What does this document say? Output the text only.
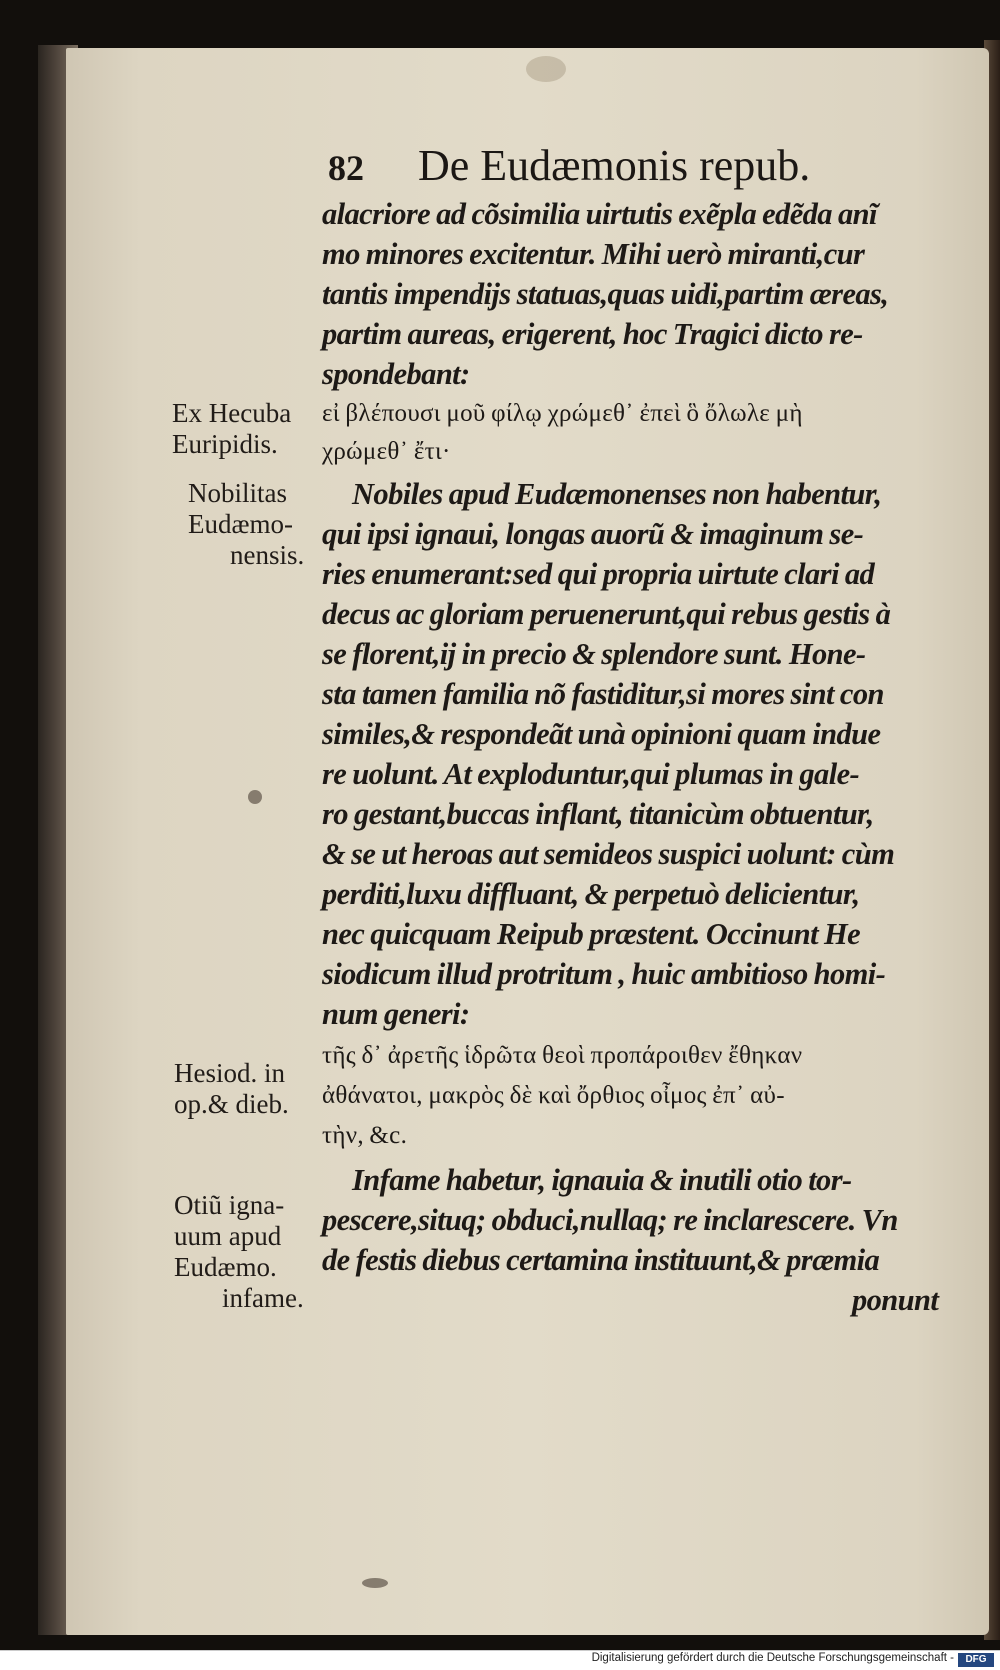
82 De Eudæmonis repub.
alacriore ad cõsimilia uirtutis exẽpla edẽda anĩ
mo minores excitentur. Mihi uerò miranti,cur
tantis impendijs statuas,quas uidi,partim æreas,
partim aureas, erigerent, hoc Tragici dicto re-
spondebant:
εἰ βλέπουσι μοῦ φίλῳ χρώμεθ᾽ ἐπεὶ ὃ ὄλωλε μὴ
χρώμεθ᾽ ἔτι·
Nobiles apud Eudæmonenses non habentur,
qui ipsi ignaui, longas auorũ & imaginum se-
ries enumerant:sed qui propria uirtute clari ad
decus ac gloriam peruenerunt,qui rebus gestis à
se florent,ij in precio & splendore sunt. Hone-
sta tamen familia nõ fastiditur,si mores sint con
similes,& respondeãt unà opinioni quam indue
re uolunt. At exploduntur,qui plumas in gale-
ro gestant,buccas inflant, titanicùm obtuentur,
& se ut heroas aut semideos suspici uolunt: cùm
perditi,luxu diffluant, & perpetuò delicientur,
nec quicquam Reipub præstent. Occinunt He
siodicum illud protritum , huic ambitioso homi-
num generi:
τῆς δ᾽ ἀρετῆς ἱδρῶτα θεοὶ προπάροιθεν ἔθηκαν
ἀθάνατοι, μακρὸς δὲ καὶ ὄρθιος οἶμος ἐπ᾽ αὐ-
τὴν, &c.
Infame habetur, ignauia & inutili otio tor-
pescere,situq; obduci,nullaq; re inclarescere. Vn
de festis diebus certamina instituunt,& præmia
ponunt
Ex Hecuba
Euripidis.
Nobilitas
Eudæmo-
nensis.
Hesiod. in
op.& dieb.
Otiũ igna-
uum apud
Eudæmo.
infame.
Digitalisierung gefördert durch die Deutsche Forschungsgemeinschaft -	DFG
